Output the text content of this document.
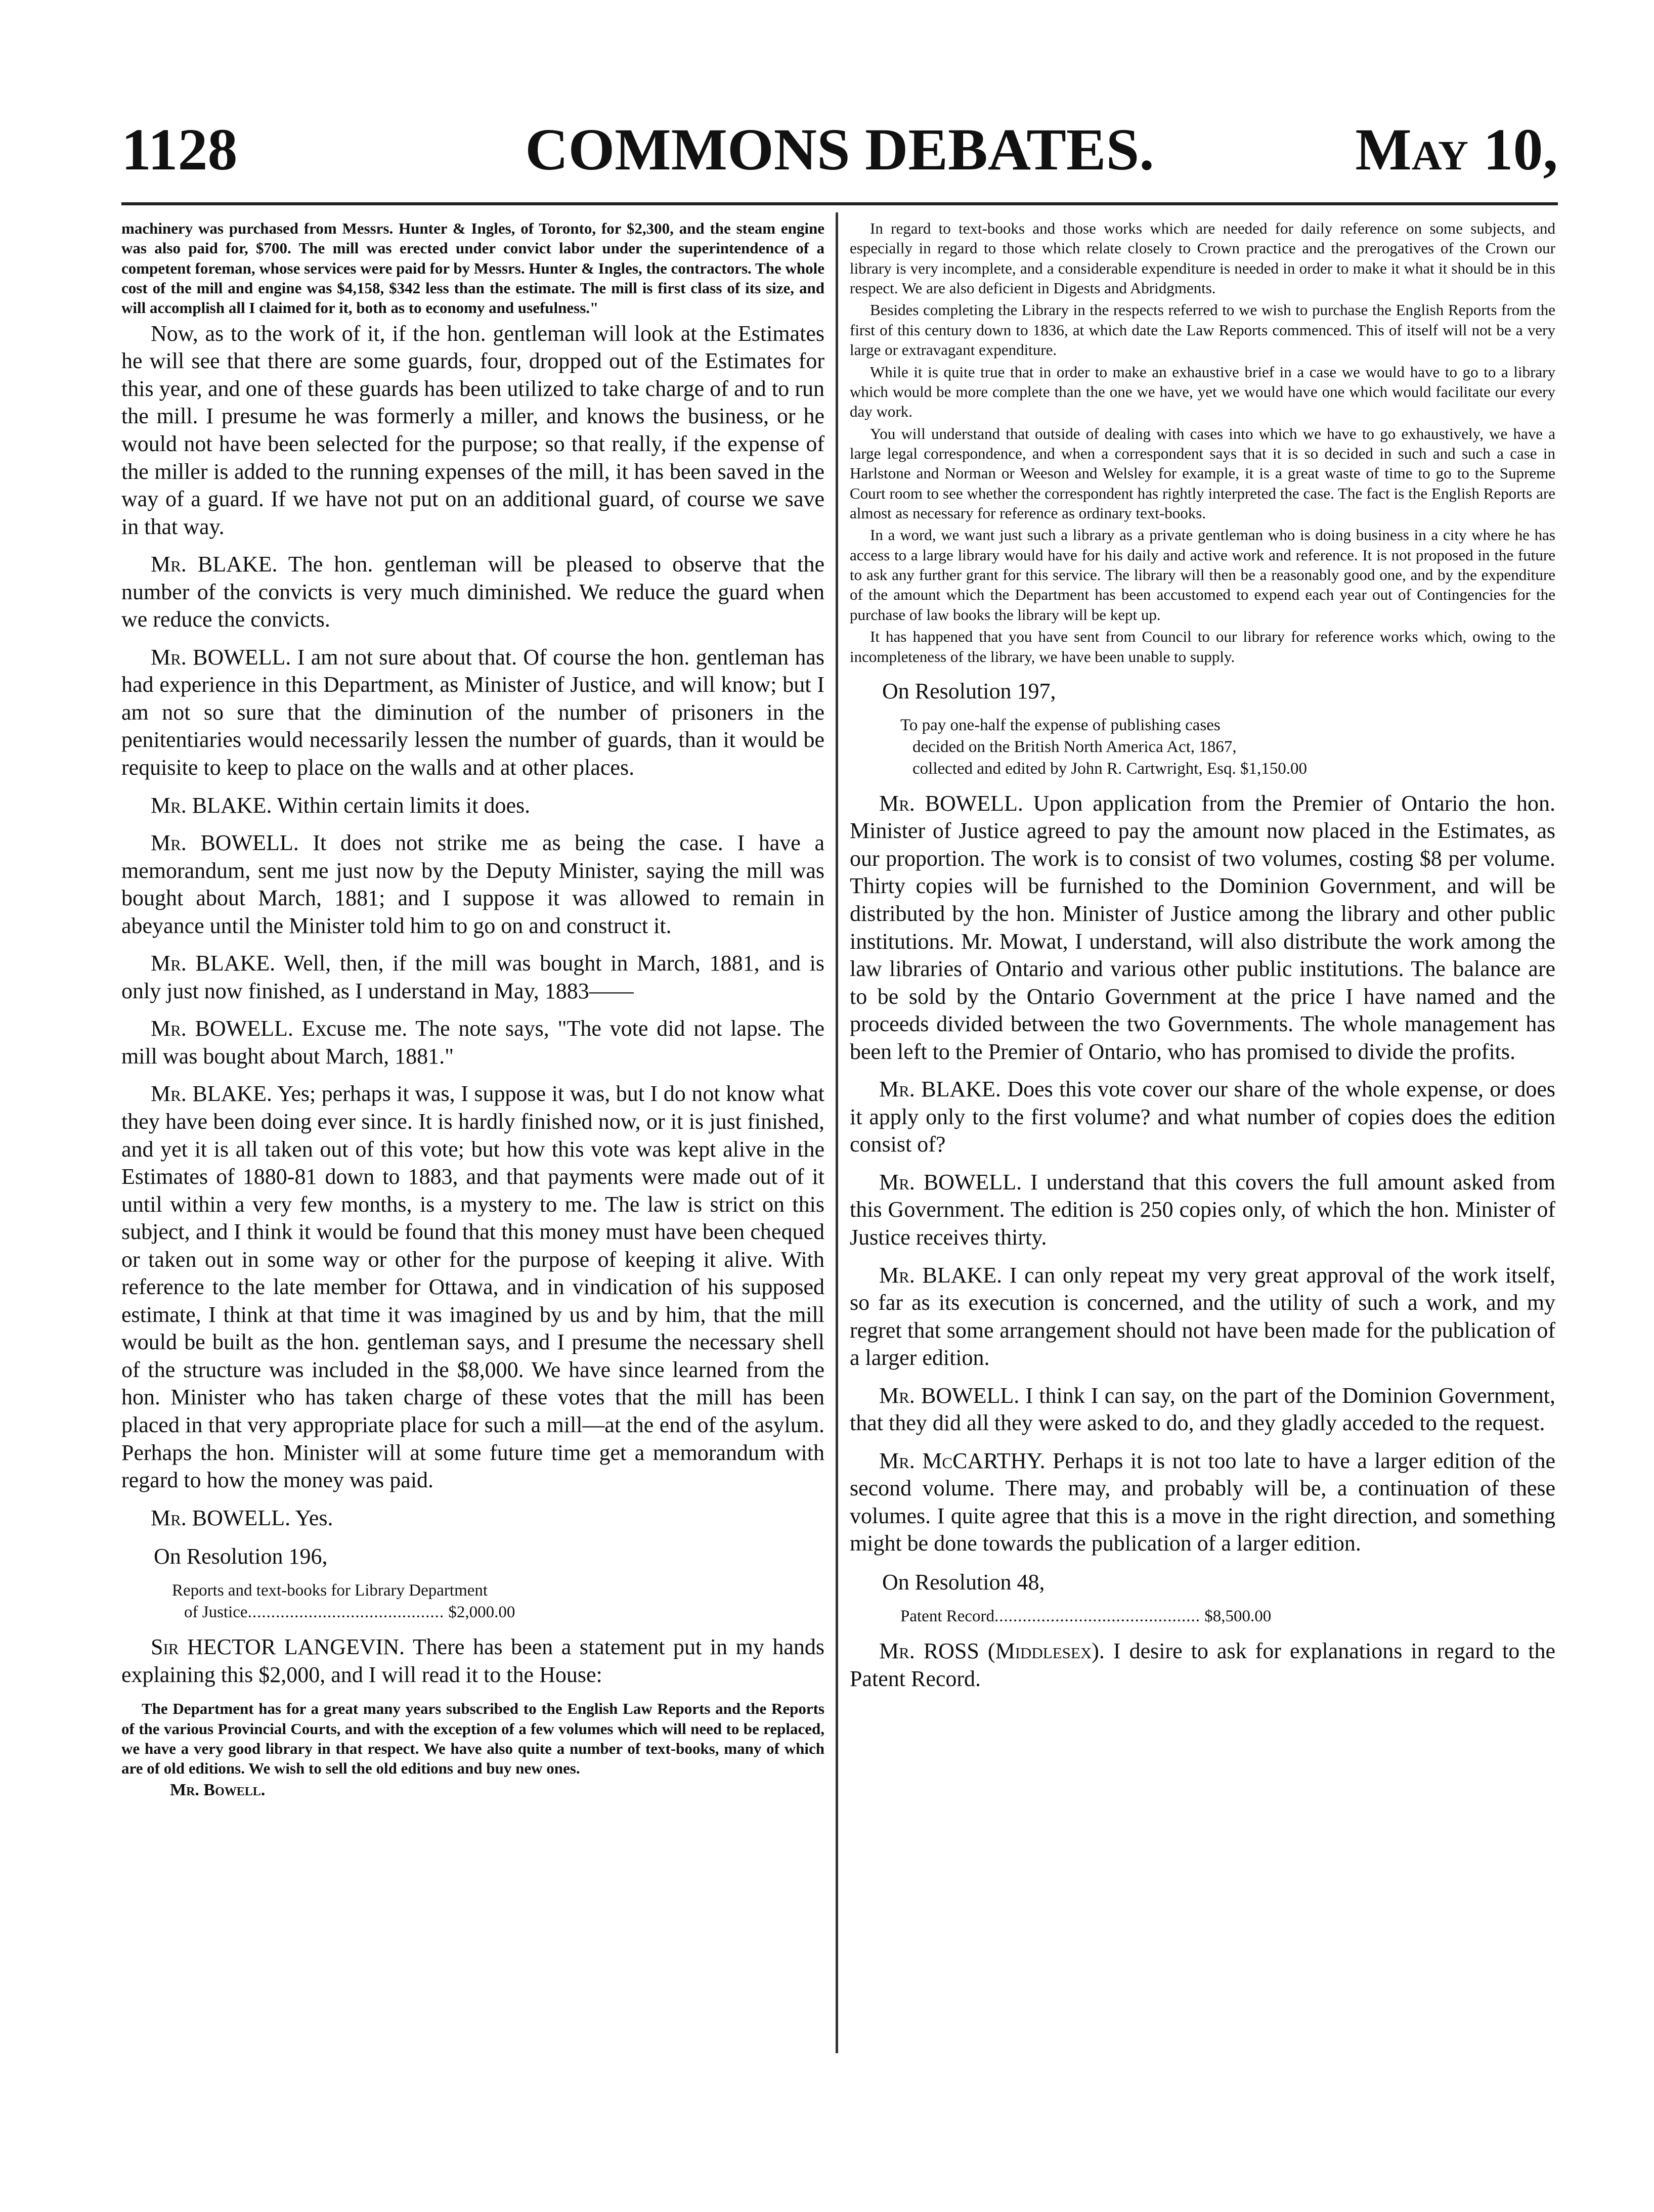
1128	COMMONS DEBATES.	May 10,

machinery was purchased from Messrs. Hunter & Ingles, of Toronto, for $2,300, and the steam engine was also paid for, $700. The mill was erected under convict labor under the superintendence of a competent foreman, whose services were paid for by Messrs. Hunter & Ingles, the contractors. The whole cost of the mill and engine was $4,158, $342 less than the estimate. The mill is first class of its size, and will accomplish all I claimed for it, both as to economy and usefulness."

Now, as to the work of it, if the hon. gentleman will look at the Estimates he will see that there are some guards, four, dropped out of the Estimates for this year, and one of these guards has been utilized to take charge of and to run the mill. I presume he was formerly a miller, and knows the business, or he would not have been selected for the purpose; so that really, if the expense of the miller is added to the running expenses of the mill, it has been saved in the way of a guard. If we have not put on an additional guard, of course we save in that way.

Mr. BLAKE. The hon. gentleman will be pleased to observe that the number of the convicts is very much diminished. We reduce the guard when we reduce the convicts.

Mr. BOWELL. I am not sure about that. Of course the hon. gentleman has had experience in this Department, as Minister of Justice, and will know; but I am not so sure that the diminution of the number of prisoners in the penitentiaries would necessarily lessen the number of guards, than it would be requisite to keep to place on the walls and at other places.

Mr. BLAKE. Within certain limits it does.

Mr. BOWELL. It does not strike me as being the case. I have a memorandum, sent me just now by the Deputy Minister, saying the mill was bought about March, 1881; and I suppose it was allowed to remain in abeyance until the Minister told him to go on and construct it.

Mr. BLAKE. Well, then, if the mill was bought in March, 1881, and is only just now finished, as I understand in May, 1883——

Mr. BOWELL. Excuse me. The note says, "The vote did not lapse. The mill was bought about March, 1881."

Mr. BLAKE. Yes; perhaps it was, I suppose it was, but I do not know what they have been doing ever since. It is hardly finished now, or it is just finished, and yet it is all taken out of this vote; but how this vote was kept alive in the Estimates of 1880-81 down to 1883, and that payments were made out of it until within a very few months, is a mystery to me. The law is strict on this subject, and I think it would be found that this money must have been chequed or taken out in some way or other for the purpose of keeping it alive. With reference to the late member for Ottawa, and in vindication of his supposed estimate, I think at that time it was imagined by us and by him, that the mill would be built as the hon. gentleman says, and I presume the necessary shell of the structure was included in the $8,000. We have since learned from the hon. Minister who has taken charge of these votes that the mill has been placed in that very appropriate place for such a mill—at the end of the asylum. Perhaps the hon. Minister will at some future time get a memorandum with regard to how the money was paid.

Mr. BOWELL. Yes.

On Resolution 196,

Reports and text-books for Library Department

of Justice.......................................... $2,000.00

Sir HECTOR LANGEVIN. There has been a statement put in my hands explaining this $2,000, and I will read it to the House:

The Department has for a great many years subscribed to the English Law Reports and the Reports of the various Provincial Courts, and with the exception of a few volumes which will need to be replaced, we have a very good library in that respect. We have also quite a number of text-books, many of which are of old editions. We wish to sell the old editions and buy new ones.

Mr. Bowell.

In regard to text-books and those works which are needed for daily reference on some subjects, and especially in regard to those which relate closely to Crown practice and the prerogatives of the Crown our library is very incomplete, and a considerable expenditure is needed in order to make it what it should be in this respect. We are also deficient in Digests and Abridgments.

Besides completing the Library in the respects referred to we wish to purchase the English Reports from the first of this century down to 1836, at which date the Law Reports commenced. This of itself will not be a very large or extravagant expenditure.

While it is quite true that in order to make an exhaustive brief in a case we would have to go to a library which would be more complete than the one we have, yet we would have one which would facilitate our every day work.

You will understand that outside of dealing with cases into which we have to go exhaustively, we have a large legal correspondence, and when a correspondent says that it is so decided in such and such a case in Harlstone and Norman or Weeson and Welsley for example, it is a great waste of time to go to the Supreme Court room to see whether the correspondent has rightly interpreted the case. The fact is the English Reports are almost as necessary for reference as ordinary text-books.

In a word, we want just such a library as a private gentleman who is doing business in a city where he has access to a large library would have for his daily and active work and reference. It is not proposed in the future to ask any further grant for this service. The library will then be a reasonably good one, and by the expenditure of the amount which the Department has been accustomed to expend each year out of Contingencies for the purchase of law books the library will be kept up.

It has happened that you have sent from Council to our library for reference works which, owing to the incompleteness of the library, we have been unable to supply.

On Resolution 197,

To pay one-half the expense of publishing cases

decided on the British North America Act, 1867,
collected and edited by John R. Cartwright, Esq. $1,150.00

Mr. BOWELL. Upon application from the Premier of Ontario the hon. Minister of Justice agreed to pay the amount now placed in the Estimates, as our proportion. The work is to consist of two volumes, costing $8 per volume. Thirty copies will be furnished to the Dominion Government, and will be distributed by the hon. Minister of Justice among the library and other public institutions. Mr. Mowat, I understand, will also distribute the work among the law libraries of Ontario and various other public institutions. The balance are to be sold by the Ontario Government at the price I have named and the proceeds divided between the two Governments. The whole management has been left to the Premier of Ontario, who has promised to divide the profits.

Mr. BLAKE. Does this vote cover our share of the whole expense, or does it apply only to the first volume? and what number of copies does the edition consist of?

Mr. BOWELL. I understand that this covers the full amount asked from this Government. The edition is 250 copies only, of which the hon. Minister of Justice receives thirty.

Mr. BLAKE. I can only repeat my very great approval of the work itself, so far as its execution is concerned, and the utility of such a work, and my regret that some arrangement should not have been made for the publication of a larger edition.

Mr. BOWELL. I think I can say, on the part of the Dominion Government, that they did all they were asked to do, and they gladly acceded to the request.

Mr. McCARTHY. Perhaps it is not too late to have a larger edition of the second volume. There may, and probably will be, a continuation of these volumes. I quite agree that this is a move in the right direction, and something might be done towards the publication of a larger edition.

On Resolution 48,

Patent Record............................................ $8,500.00

Mr. ROSS (Middlesex). I desire to ask for explanations in regard to the Patent Record.
